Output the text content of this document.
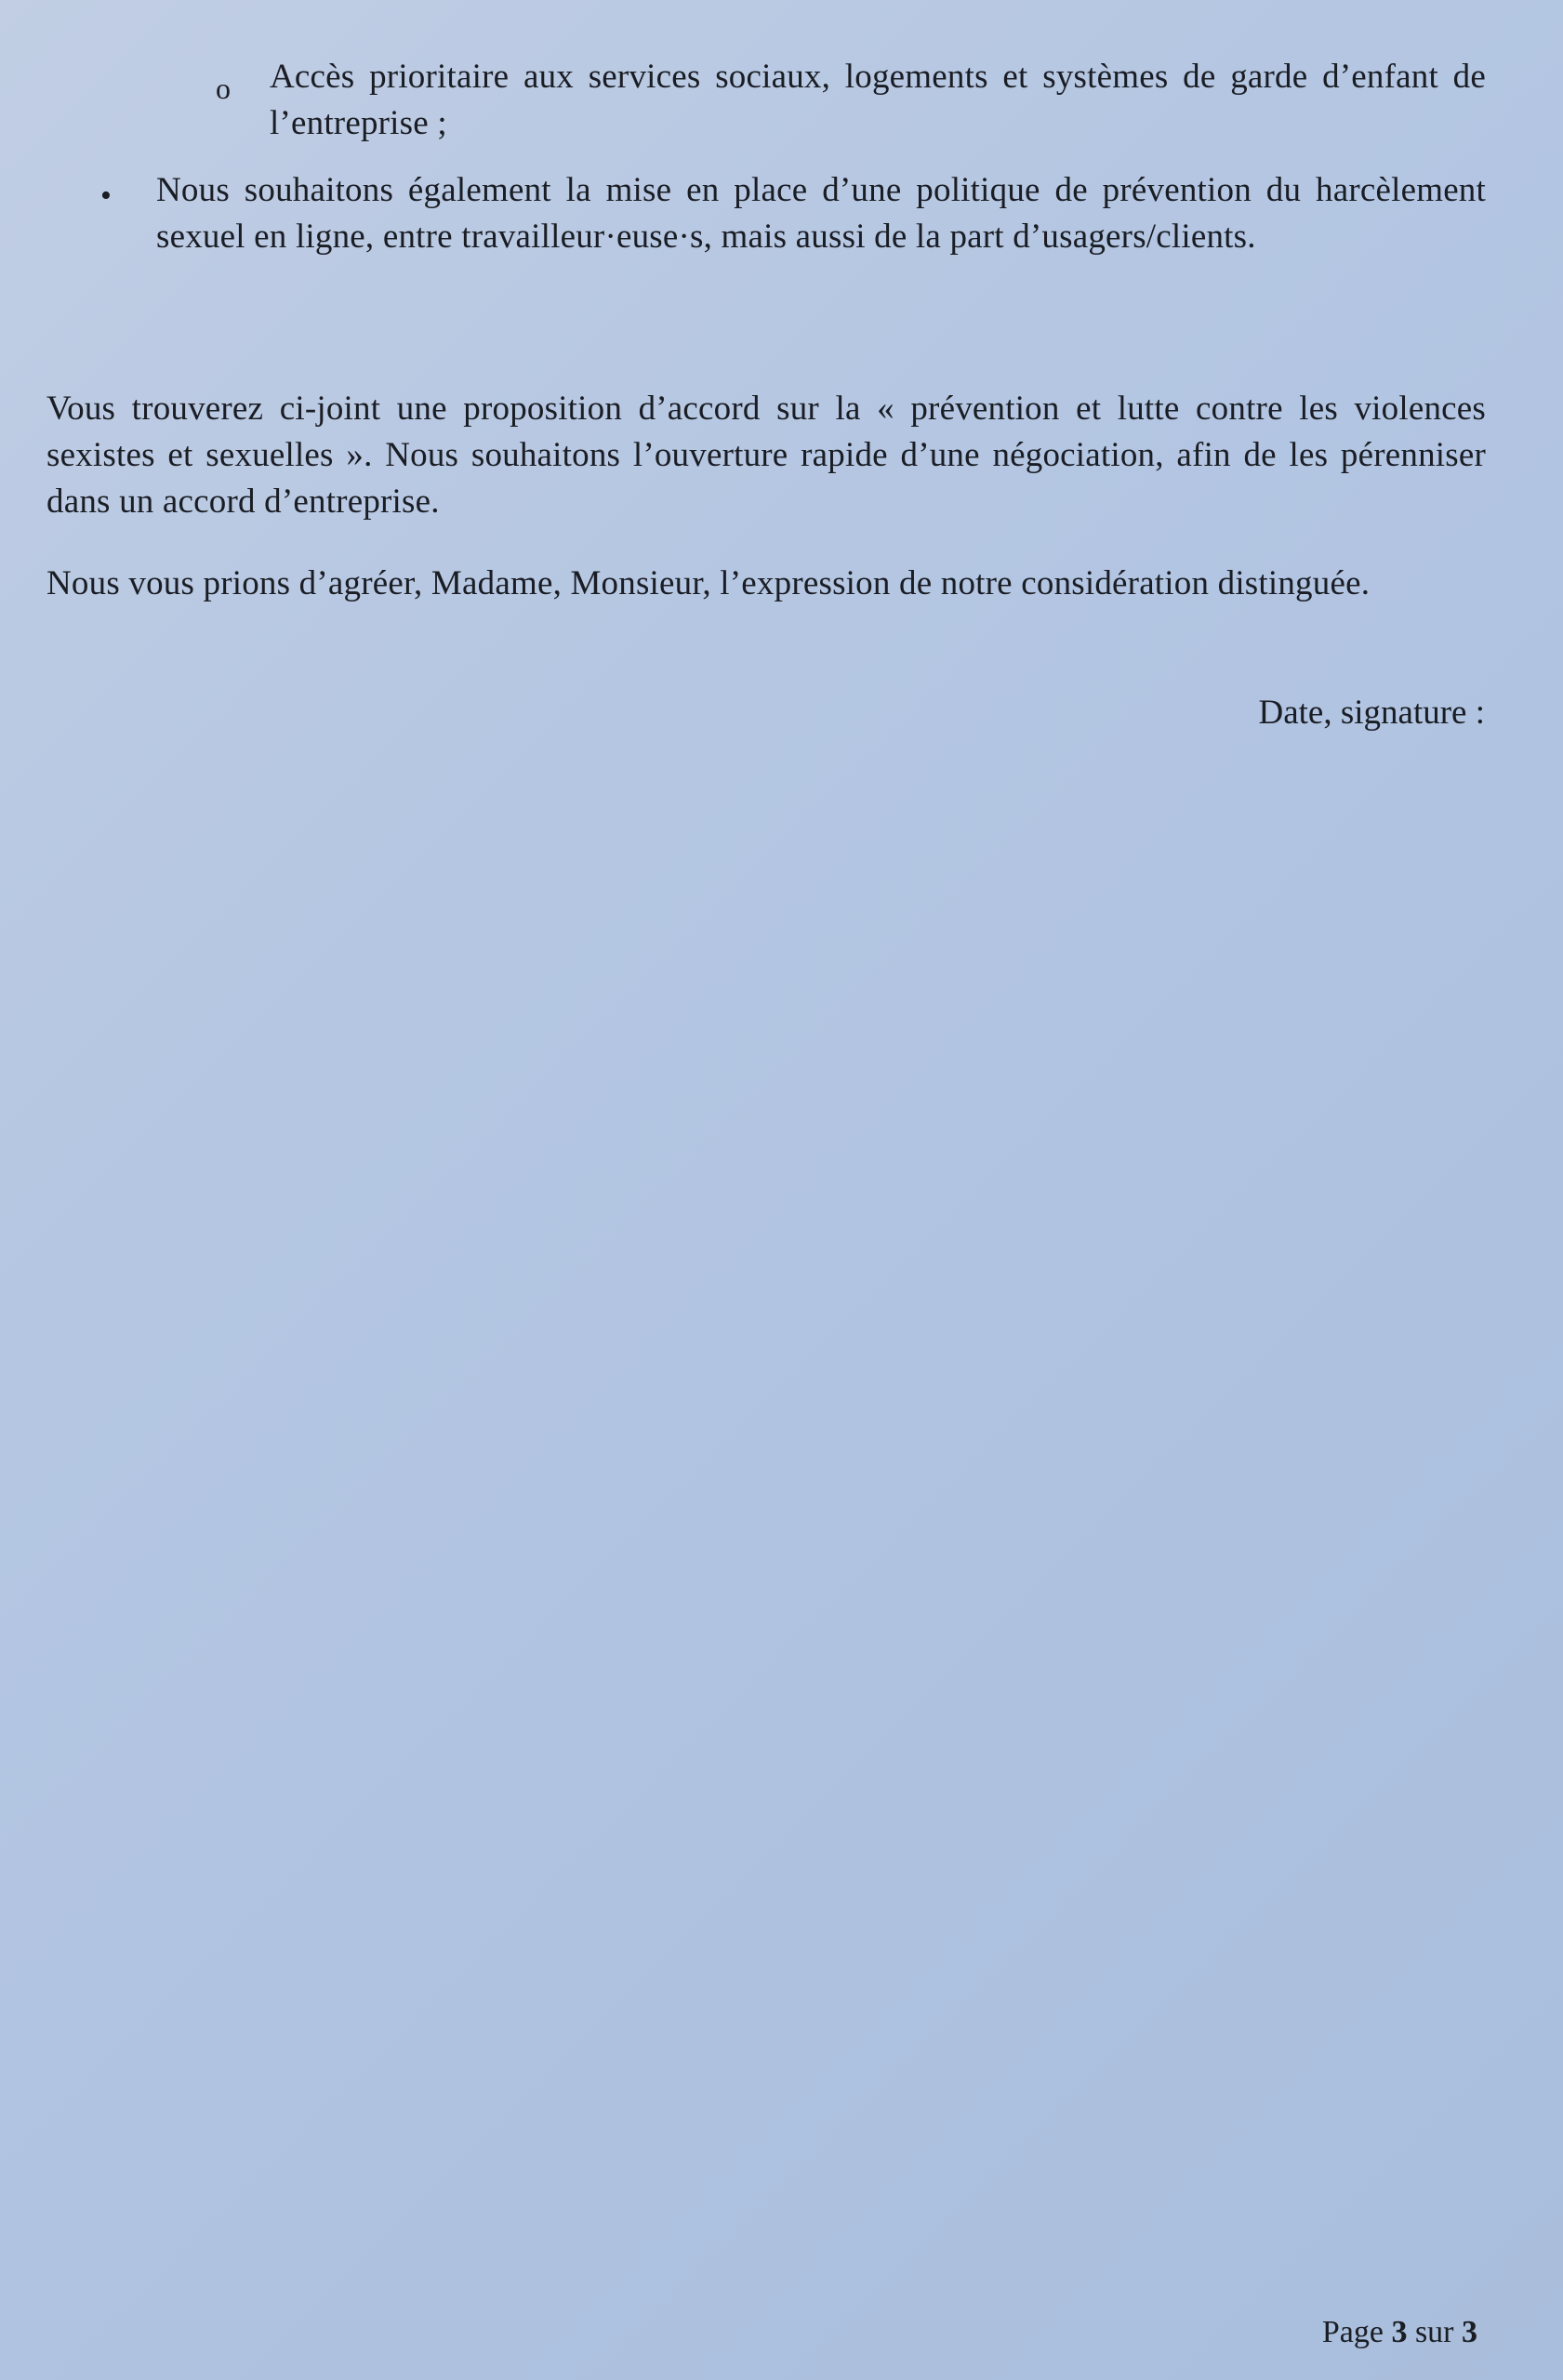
o Accès prioritaire aux services sociaux, logements et systèmes de garde d’enfant de l’entreprise ;
• Nous souhaitons également la mise en place d’une politique de prévention du harcèlement sexuel en ligne, entre travailleur·euse·s, mais aussi de la part d’usagers/clients.
Vous trouverez ci-joint une proposition d’accord sur la « prévention et lutte contre les violences sexistes et sexuelles ». Nous souhaitons l’ouverture rapide d’une négociation, afin de les pérenniser dans un accord d’entreprise.
Nous vous prions d’agréer, Madame, Monsieur, l’expression de notre considération distinguée.
Date, signature :
Page 3 sur 3
